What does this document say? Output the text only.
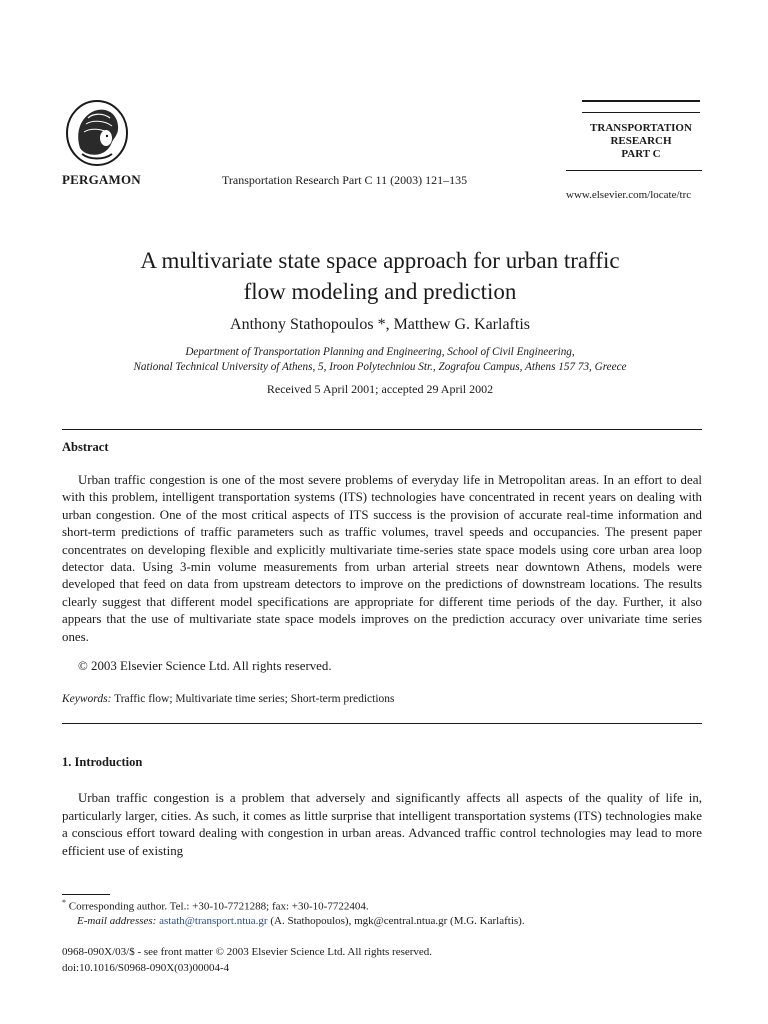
PERGAMON	Transportation Research Part C 11 (2003) 121–135
TRANSPORTATION
RESEARCH
PART C
www.elsevier.com/locate/trc
A multivariate state space approach for urban traffic
flow modeling and prediction
Anthony Stathopoulos *, Matthew G. Karlaftis
Department of Transportation Planning and Engineering, School of Civil Engineering,
National Technical University of Athens, 5, Iroon Polytechniou Str., Zografou Campus, Athens 157 73, Greece
Received 5 April 2001; accepted 29 April 2002
Abstract

Urban traffic congestion is one of the most severe problems of everyday life in Metropolitan areas. In an effort to deal with this problem, intelligent transportation systems (ITS) technologies have concentrated in recent years on dealing with urban congestion. One of the most critical aspects of ITS success is the provision of accurate real-time information and short-term predictions of traffic parameters such as traffic volumes, travel speeds and occupancies. The present paper concentrates on developing flexible and explicitly multivariate time-series state space models using core urban area loop detector data. Using 3-min volume measurements from urban arterial streets near downtown Athens, models were developed that feed on data from upstream detectors to improve on the predictions of downstream locations. The results clearly suggest that different model specifications are appropriate for different time periods of the day. Further, it also appears that the use of multivariate state space models improves on the prediction accuracy over univariate time series ones.

© 2003 Elsevier Science Ltd. All rights reserved.
Keywords: Traffic flow; Multivariate time series; Short-term predictions
1. Introduction

Urban traffic congestion is a problem that adversely and significantly affects all aspects of the quality of life in, particularly larger, cities. As such, it comes as little surprise that intelligent transportation systems (ITS) technologies make a conscious effort toward dealing with congestion in urban areas. Advanced traffic control technologies may lead to more efficient use of existing

* Corresponding author. Tel.: +30-10-7721288; fax: +30-10-7722404.
E-mail addresses: astath@transport.ntua.gr (A. Stathopoulos), mgk@central.ntua.gr (M.G. Karlaftis).
0968-090X/03/$ - see front matter © 2003 Elsevier Science Ltd. All rights reserved.
doi:10.1016/S0968-090X(03)00004-4
